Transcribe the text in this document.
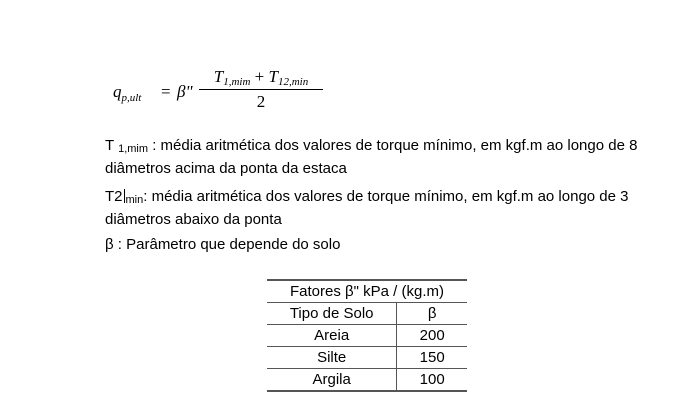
$q_{p,ult} = \beta$"
$T_{1,mim} + T_{12,min}$
2
T $_{1,mim}$ : média aritmética dos valores de torque mínimo, em kgf.m ao longo de 8 diâmetros acima da ponta da estaca
T2 $_{min}$: média aritmética dos valores de torque mínimo, em kgf.m ao longo de 3 diâmetros abaixo da ponta
β : Parâmetro que depende do solo
Fatores β" kPa / (kg.m)	
Tipo de Solo	β
Areia	200
Silte	150
Argila	100
